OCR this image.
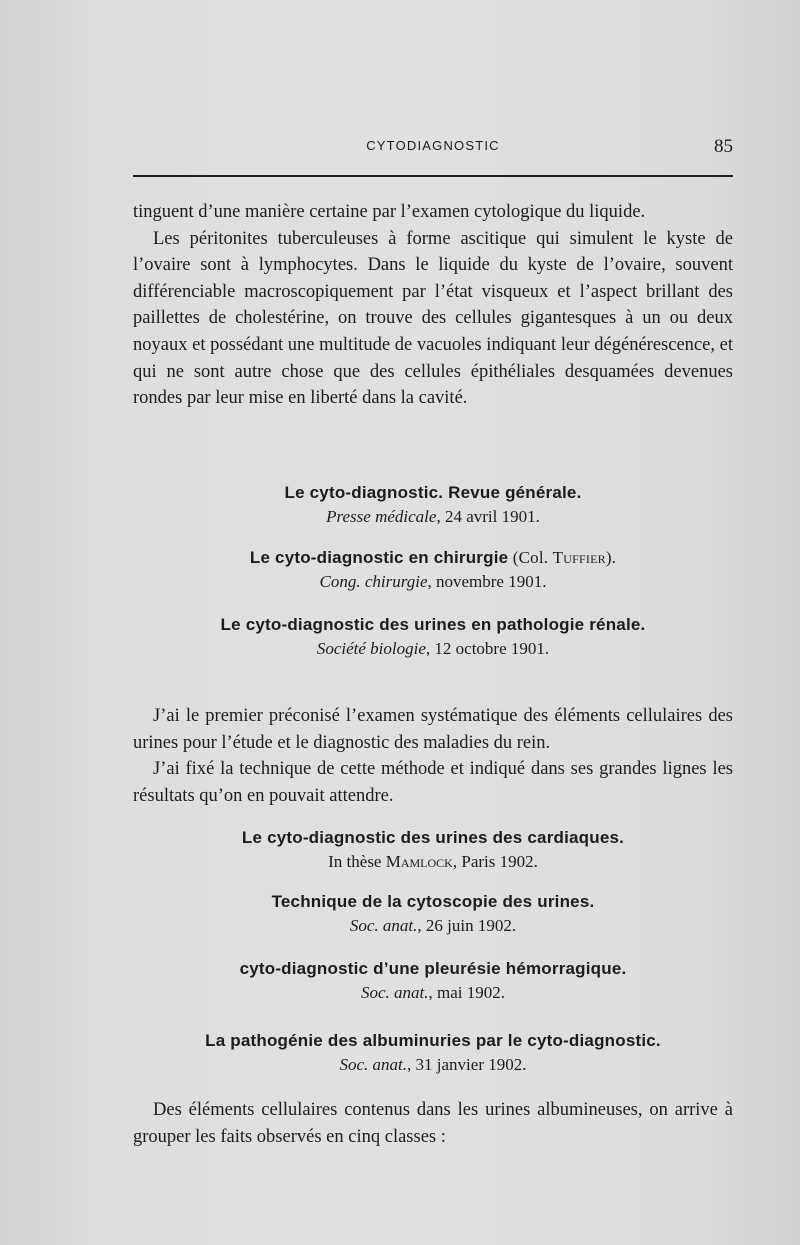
CYTODIAGNOSTIC	85

tinguent d’une manière certaine par l’examen cytologique du liquide.
Les péritonites tuberculeuses à forme ascitique qui simulent le kyste de l’ovaire sont à lymphocytes. Dans le liquide du kyste de l’ovaire, souvent différenciable macroscopiquement par l’état visqueux et l’aspect brillant des paillettes de cholestérine, on trouve des cellules gigantesques à un ou deux noyaux et possédant une multitude de vacuoles indiquant leur dégénérescence, et qui ne sont autre chose que des cellules épithéliales desquamées devenues rondes par leur mise en liberté dans la cavité.

Le cyto-diagnostic. Revue générale.
Presse médicale, 24 avril 1901.
Le cyto-diagnostic en chirurgie (Col. Tuffier).
Cong. chirurgie, novembre 1901.
Le cyto-diagnostic des urines en pathologie rénale.
Société biologie, 12 octobre 1901.

J’ai le premier préconisé l’examen systématique des éléments cellulaires des urines pour l’étude et le diagnostic des maladies du rein.
J’ai fixé la technique de cette méthode et indiqué dans ses grandes lignes les résultats qu’on en pouvait attendre.

Le cyto-diagnostic des urines des cardiaques.
In thèse Mamlock, Paris 1902.
Technique de la cytoscopie des urines.
Soc. anat., 26 juin 1902.
cyto-diagnostic d’une pleurésie hémorragique.
Soc. anat., mai 1902.
La pathogénie des albuminuries par le cyto-diagnostic.
Soc. anat., 31 janvier 1902.

Des éléments cellulaires contenus dans les urines albumineuses, on arrive à grouper les faits observés en cinq classes :
